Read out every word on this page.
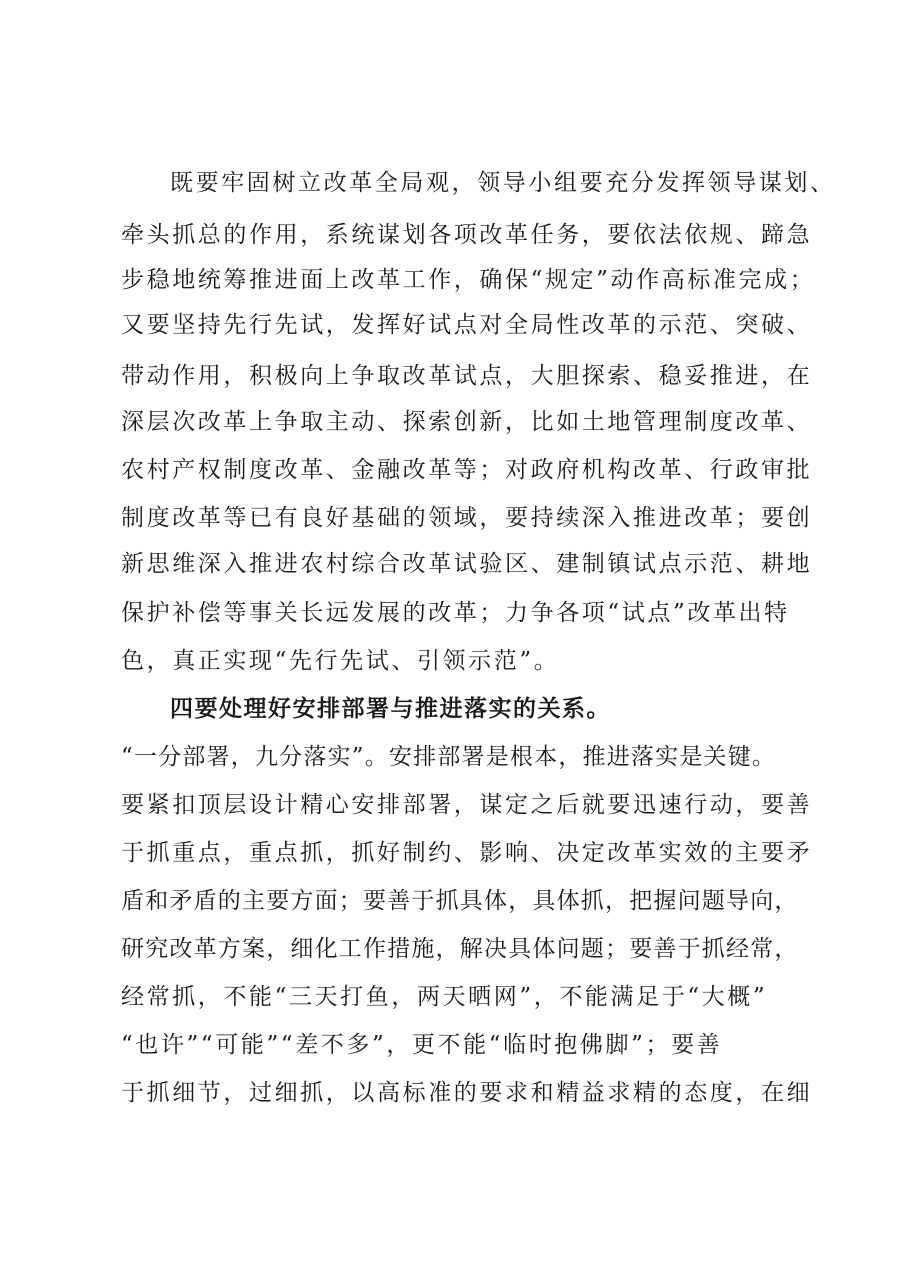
既要牢固树立改革全局观，领导小组要充分发挥领导谋划、
牵头抓总的作用，系统谋划各项改革任务，要依法依规、蹄急
步稳地统筹推进面上改革工作，确保“规定”动作高标准完成；
又要坚持先行先试，发挥好试点对全局性改革的示范、突破、
带动作用，积极向上争取改革试点，大胆探索、稳妥推进，在
深层次改革上争取主动、探索创新，比如土地管理制度改革、
农村产权制度改革、金融改革等；对政府机构改革、行政审批
制度改革等已有良好基础的领域，要持续深入推进改革；要创
新思维深入推进农村综合改革试验区、建制镇试点示范、耕地
保护补偿等事关长远发展的改革；力争各项“试点”改革出特
色，真正实现“先行先试、引领示范”。
四要处理好安排部署与推进落实的关系。
“一分部署，九分落实”。安排部署是根本，推进落实是关键。
要紧扣顶层设计精心安排部署，谋定之后就要迅速行动，要善
于抓重点，重点抓，抓好制约、影响、决定改革实效的主要矛
盾和矛盾的主要方面；要善于抓具体，具体抓，把握问题导向，
研究改革方案，细化工作措施，解决具体问题；要善于抓经常，
经常抓，不能“三天打鱼，两天晒网”，不能满足于“大概”
“也许”“可能”“差不多”，更不能“临时抱佛脚”；要善
于抓细节，过细抓，以高标准的要求和精益求精的态度，在细
